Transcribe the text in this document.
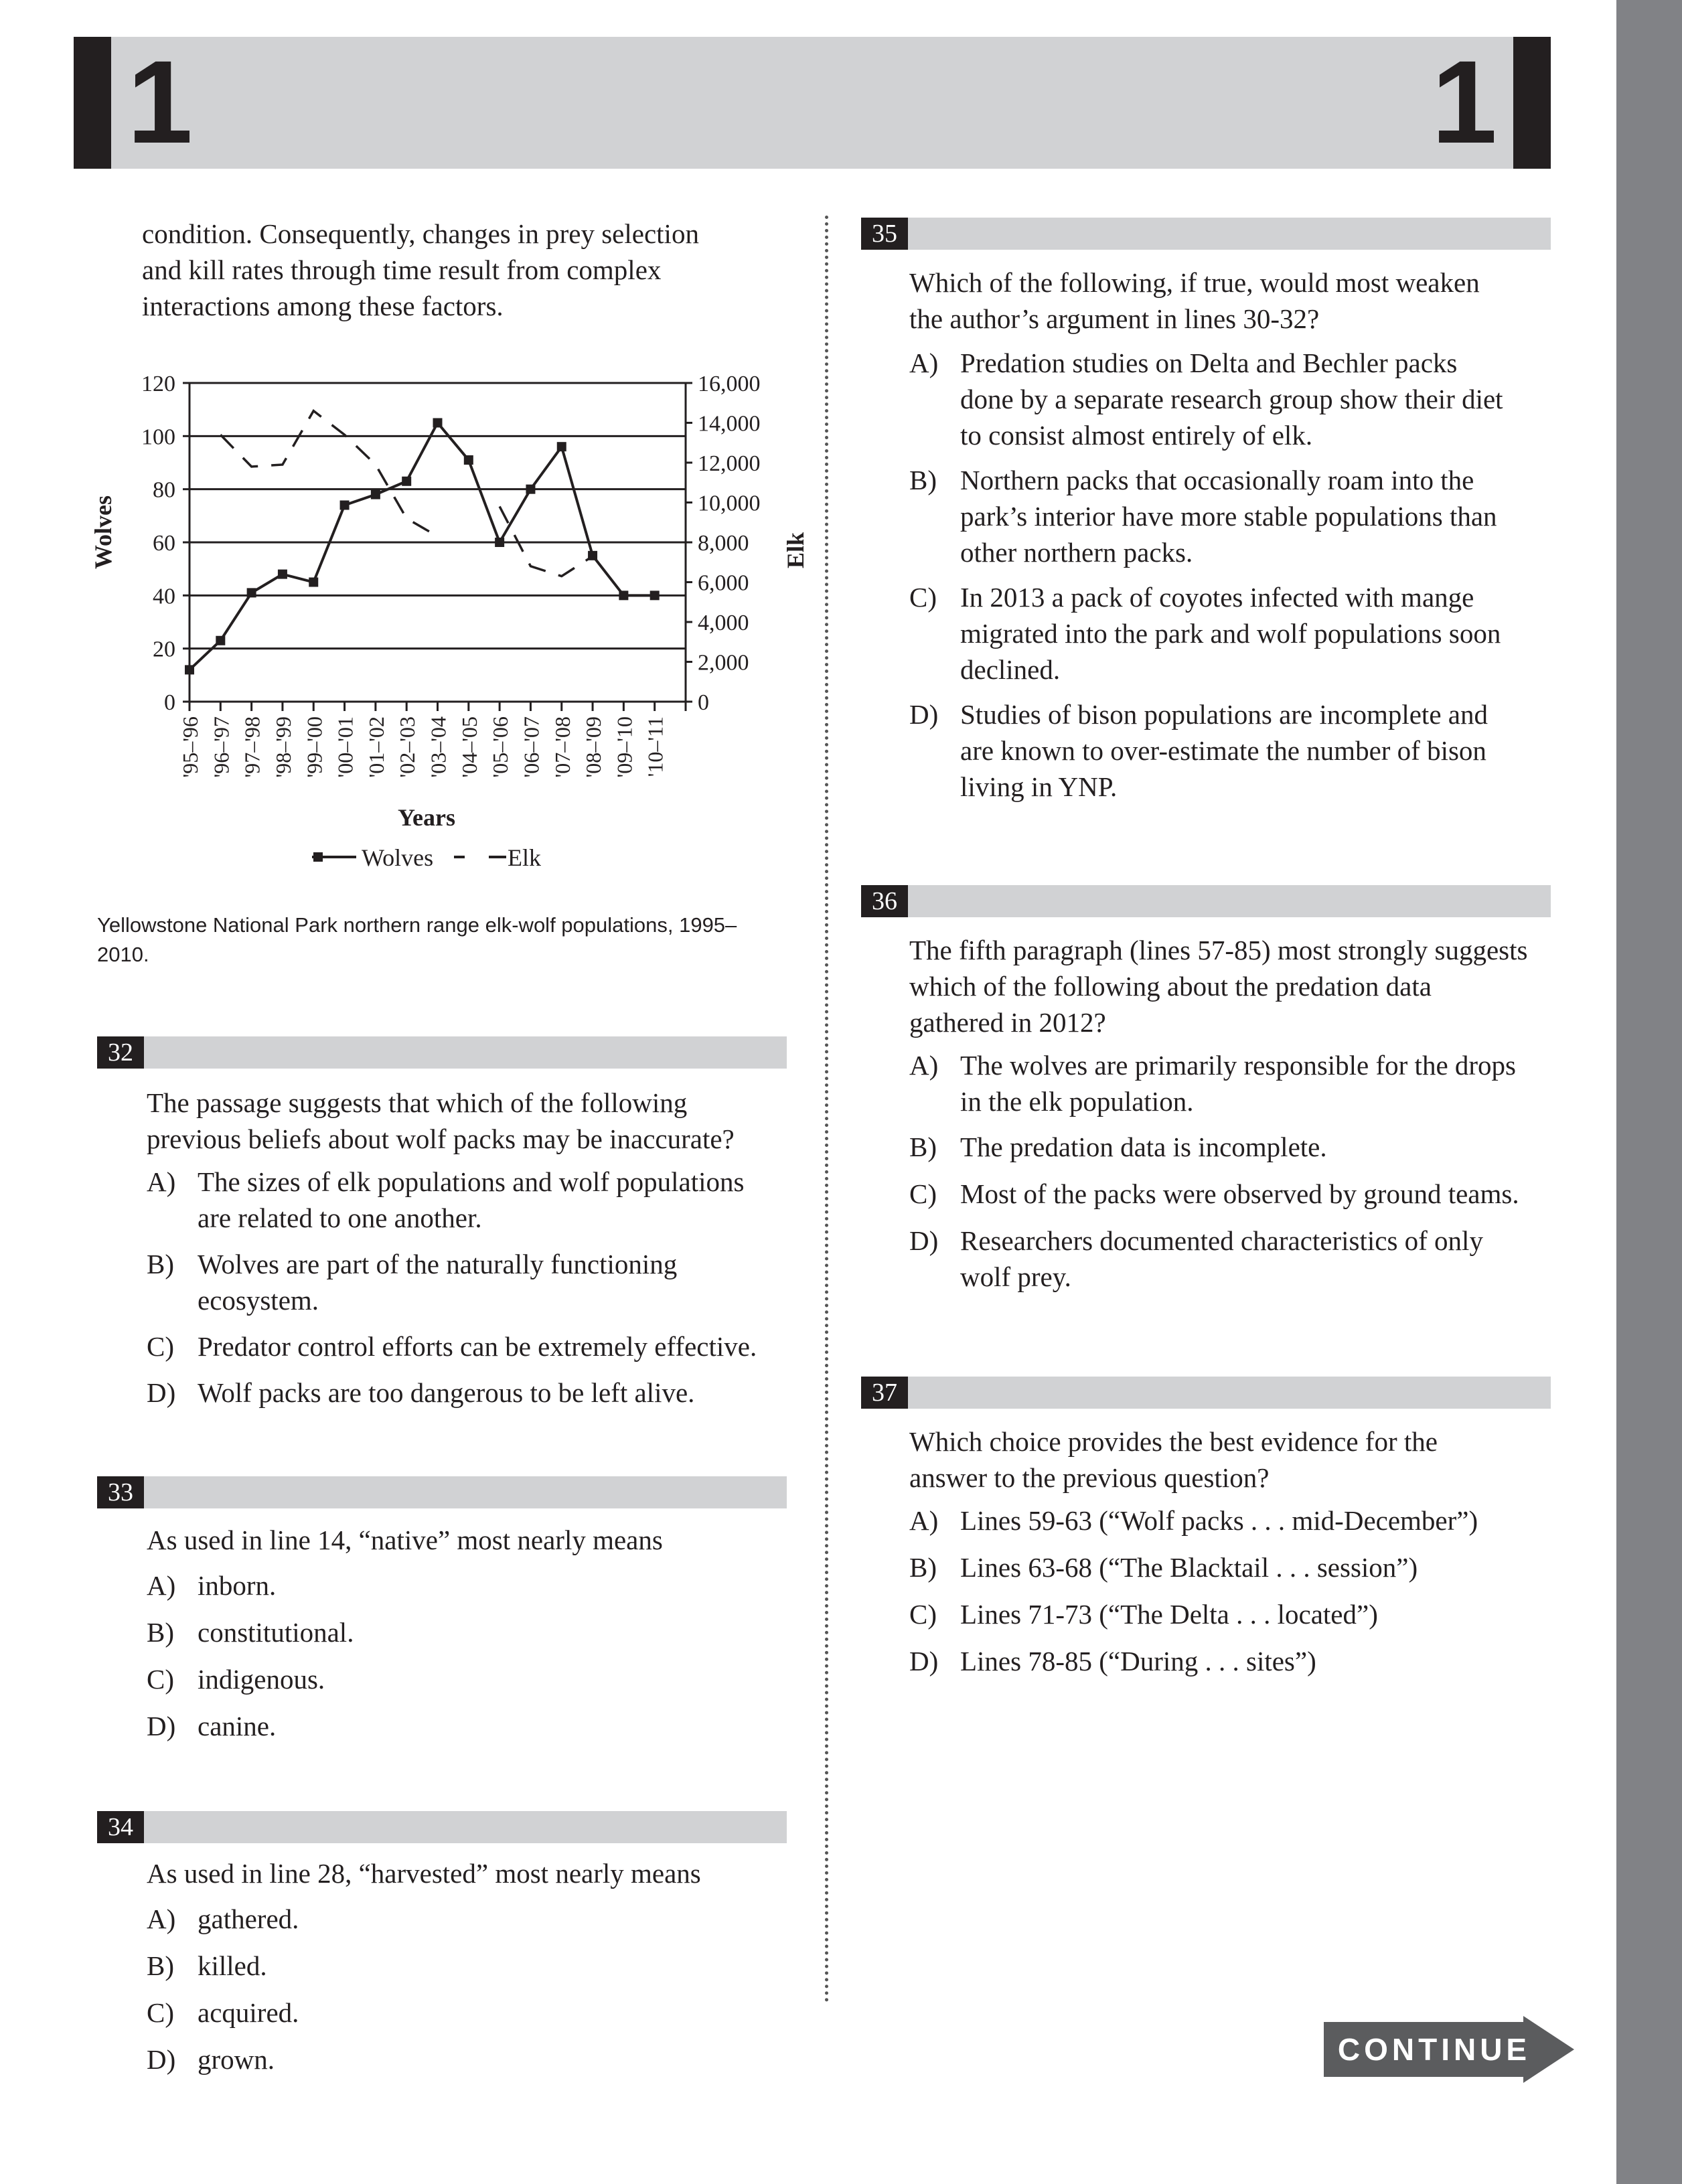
1	1
condition. Consequently, changes in prey selection
and kill rates through time result from complex
interactions among these factors.
0
20
40
60
80
100
120
0
2,000
4,000
6,000
8,000
10,000
12,000
14,000
16,000
'95–'96 '96–'97 '97–'98 '98–'99 '99–'00 '00–'01 '01–'02 '02–'03 '03–'04 '04–'05 '05–'06 '06–'07 '07–'08 '08–'09 '09–'10 '10–'11
Wolves	Elk
Years
Wolves	Elk
Yellowstone National Park northern range elk-wolf populations, 1995–2010.
32
The passage suggests that which of the following
previous beliefs about wolf packs may be inaccurate?
A) The sizes of elk populations and wolf populations
are related to one another.
B) Wolves are part of the naturally functioning
ecosystem.
C) Predator control efforts can be extremely effective.
D) Wolf packs are too dangerous to be left alive.
33
As used in line 14, “native” most nearly means
A) inborn.
B) constitutional.
C) indigenous.
D) canine.
34
As used in line 28, “harvested” most nearly means
A) gathered.
B) killed.
C) acquired.
D) grown.
35
Which of the following, if true, would most weaken
the author’s argument in lines 30-32?
A) Predation studies on Delta and Bechler packs
done by a separate research group show their diet
to consist almost entirely of elk.
B) Northern packs that occasionally roam into the
park’s interior have more stable populations than
other northern packs.
C) In 2013 a pack of coyotes infected with mange
migrated into the park and wolf populations soon
declined.
D) Studies of bison populations are incomplete and
are known to over-estimate the number of bison
living in YNP.
36
The fifth paragraph (lines 57-85) most strongly suggests
which of the following about the predation data
gathered in 2012?
A) The wolves are primarily responsible for the drops
in the elk population.
B) The predation data is incomplete.
C) Most of the packs were observed by ground teams.
D) Researchers documented characteristics of only
wolf prey.
37
Which choice provides the best evidence for the
answer to the previous question?
A) Lines 59-63 (“Wolf packs . . . mid-December”)
B) Lines 63-68 (“The Blacktail . . . session”)
C) Lines 71-73 (“The Delta . . . located”)
D) Lines 78-85 (“During . . . sites”)
CONTINUE
